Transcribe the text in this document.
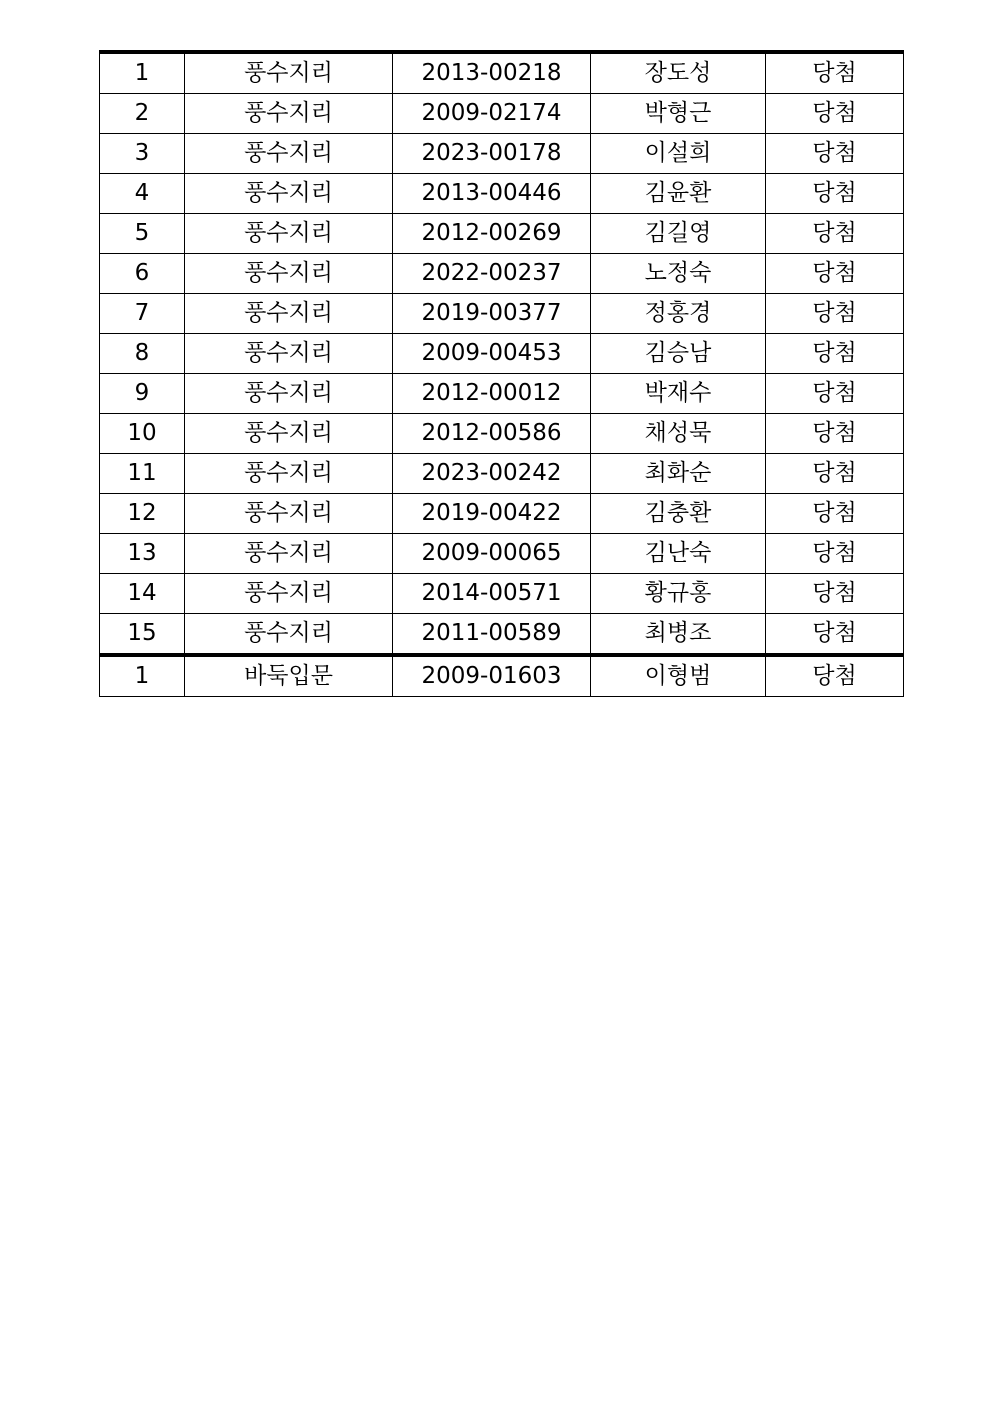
1	풍수지리	2013-00218	장도성	당첨
2	풍수지리	2009-02174	박형근	당첨
3	풍수지리	2023-00178	이설희	당첨
4	풍수지리	2013-00446	김윤환	당첨
5	풍수지리	2012-00269	김길영	당첨
6	풍수지리	2022-00237	노정숙	당첨
7	풍수지리	2019-00377	정홍경	당첨
8	풍수지리	2009-00453	김승남	당첨
9	풍수지리	2012-00012	박재수	당첨
10	풍수지리	2012-00586	채성묵	당첨
11	풍수지리	2023-00242	최화순	당첨
12	풍수지리	2019-00422	김충환	당첨
13	풍수지리	2009-00065	김난숙	당첨
14	풍수지리	2014-00571	황규홍	당첨
15	풍수지리	2011-00589	최병조	당첨
1	바둑입문	2009-01603	이형범	당첨
